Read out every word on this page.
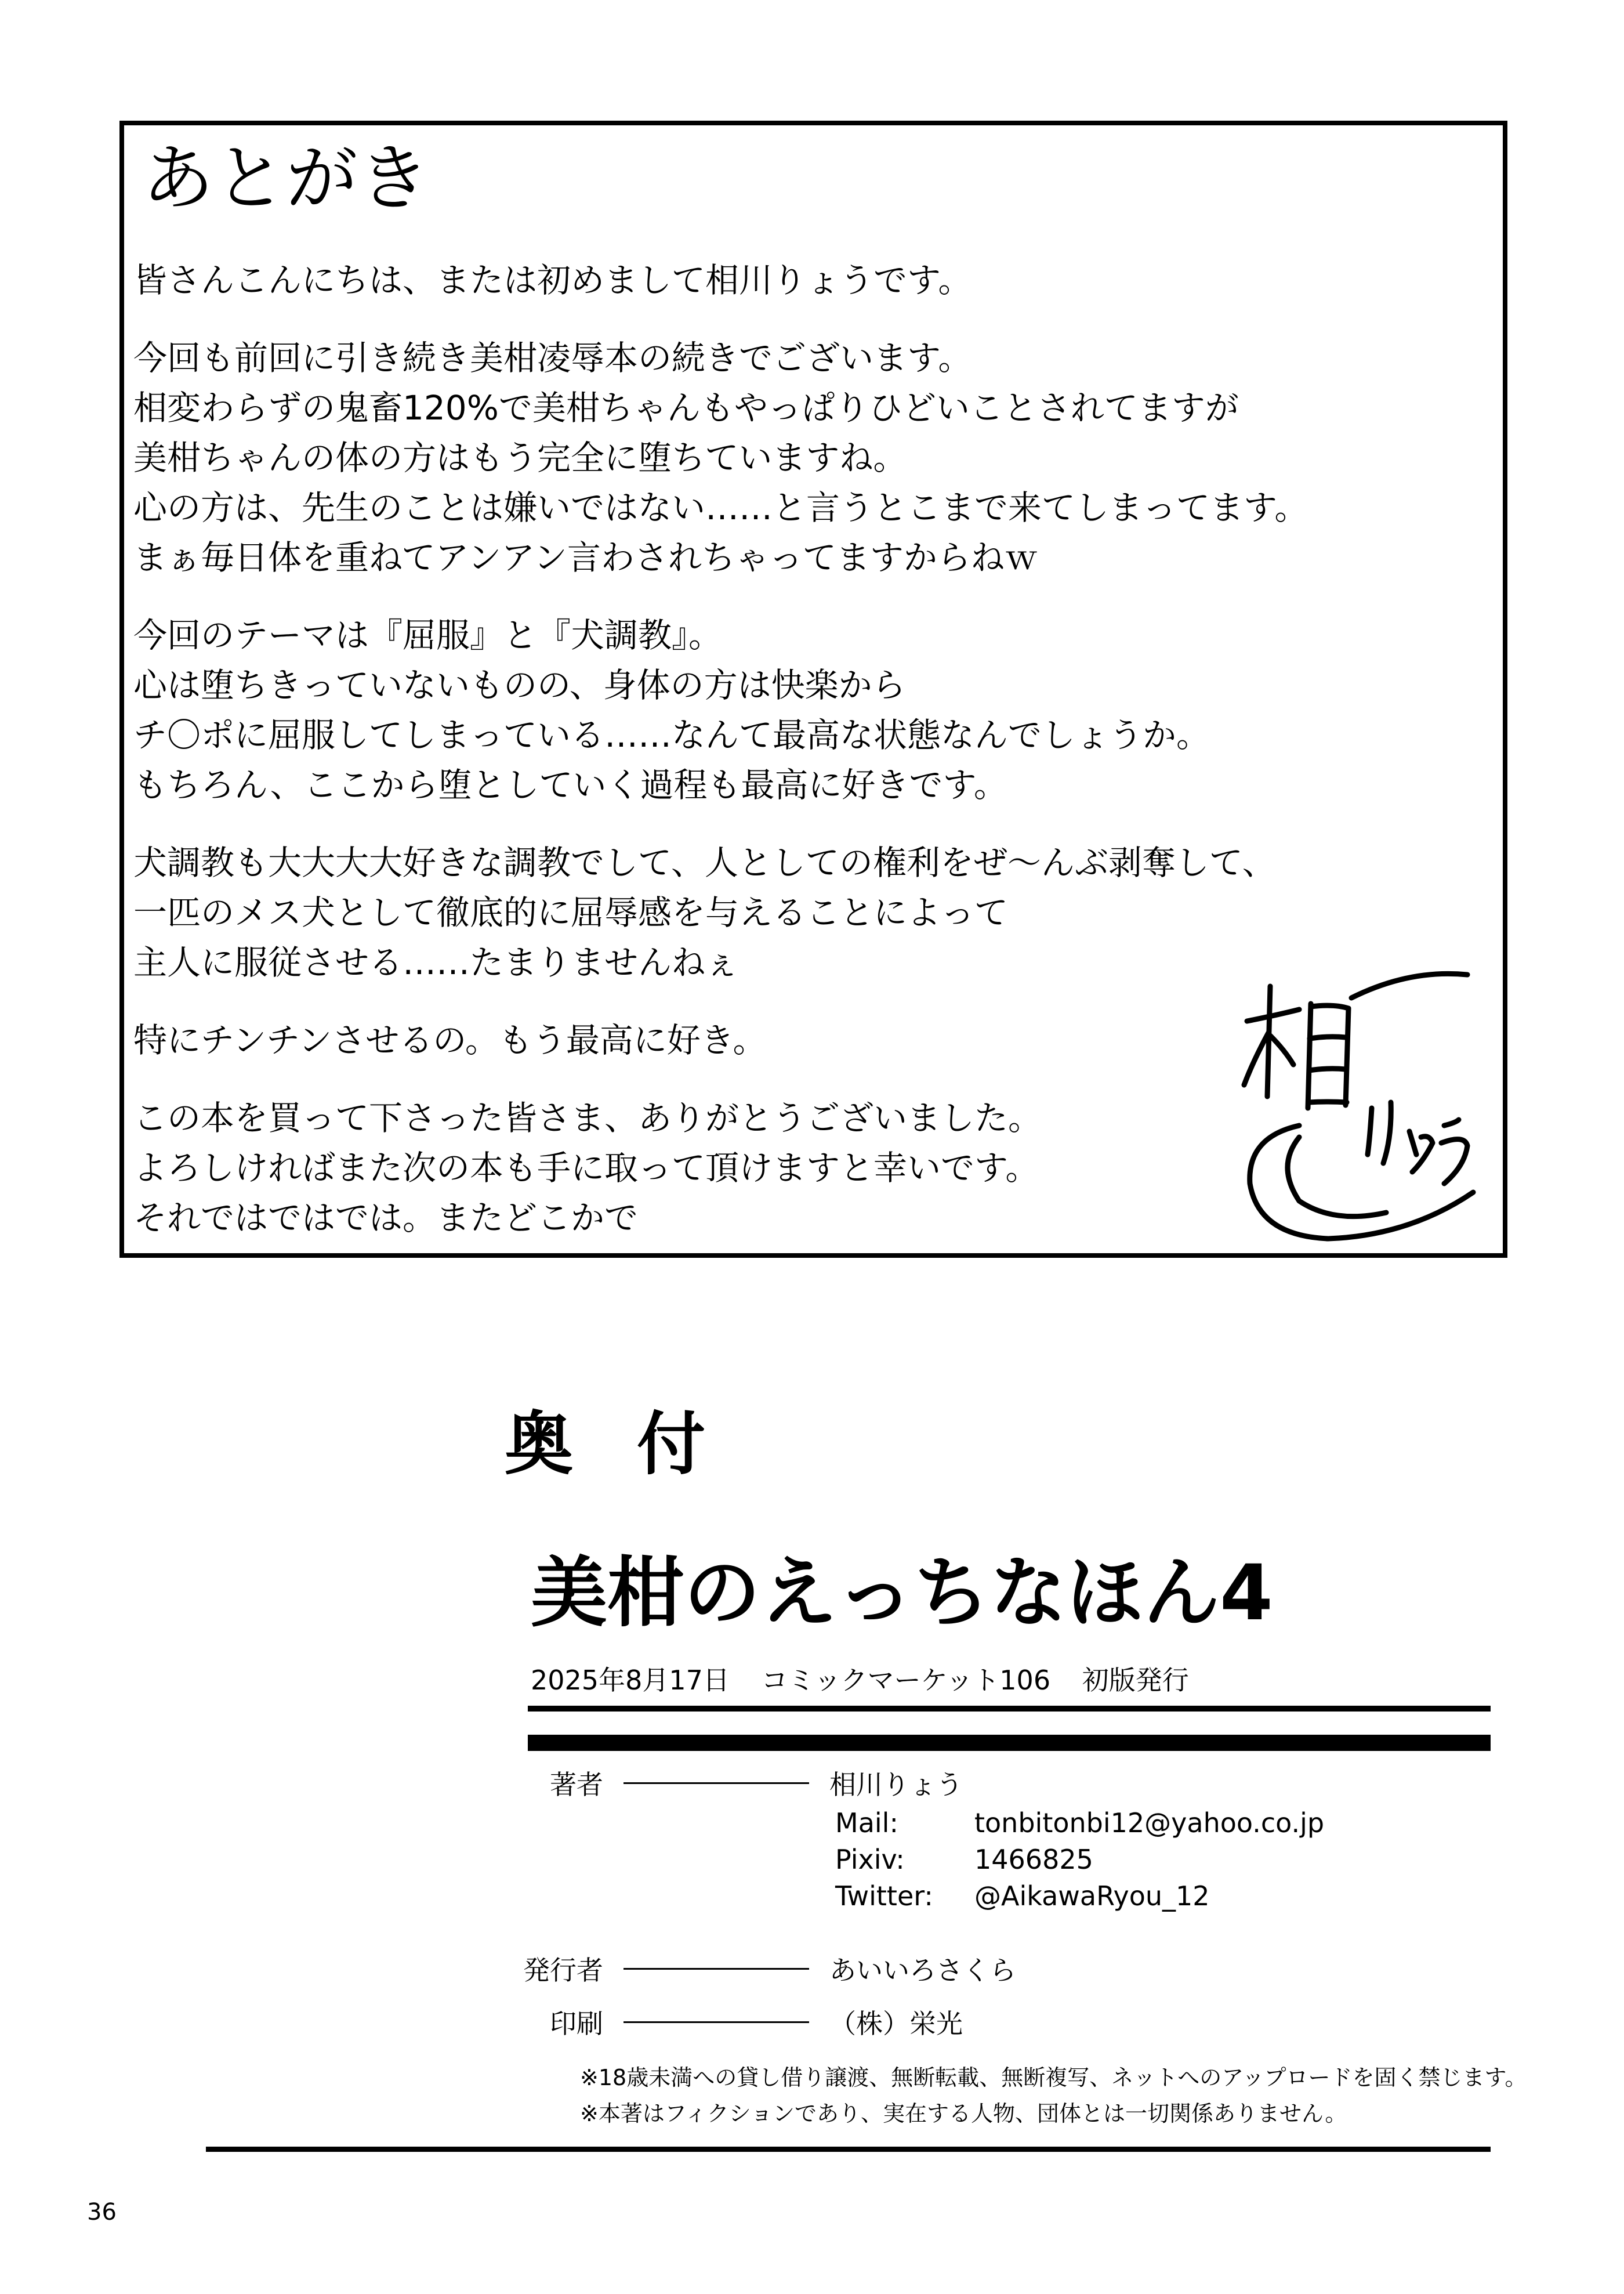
あとがき

皆さんこんにちは、または初めまして相川りょうです。

今回も前回に引き続き美柑凌辱本の続きでございます。
相変わらずの鬼畜120%で美柑ちゃんもやっぱりひどいことされてますが
美柑ちゃんの体の方はもう完全に堕ちていますね。
心の方は、先生のことは嫌いではない……と言うとこまで来てしまってます。
まぁ毎日体を重ねてアンアン言わされちゃってますからねｗ

今回のテーマは『屈服』と『犬調教』。
心は堕ちきっていないものの、身体の方は快楽から
チ〇ポに屈服してしまっている……なんて最高な状態なんでしょうか。
もちろん、ここから堕としていく過程も最高に好きです。

犬調教も大大大大好きな調教でして、人としての権利をぜ～んぶ剥奪して、
一匹のメス犬として徹底的に屈辱感を与えることによって
主人に服従させる……たまりませんねぇ

特にチンチンさせるの。もう最高に好き。

この本を買って下さった皆さま、ありがとうございました。
よろしければまた次の本も手に取って頂けますと幸いです。
それではではでは。またどこかで

奥付
美柑のえっちなほん4
2025年8月17日 コミックマーケット106 初版発行
著者	相川りょう
Mail:	tonbitonbi12@yahoo.co.jp
Pixiv:	1466825
Twitter: @AikawaRyou_12
発行者	あいいろさくら
印刷	（株）栄光
※18歳未満への貸し借り譲渡、無断転載、無断複写、ネットへのアップロードを固く禁じます。
※本著はフィクションであり、実在する人物、団体とは一切関係ありません。
36
